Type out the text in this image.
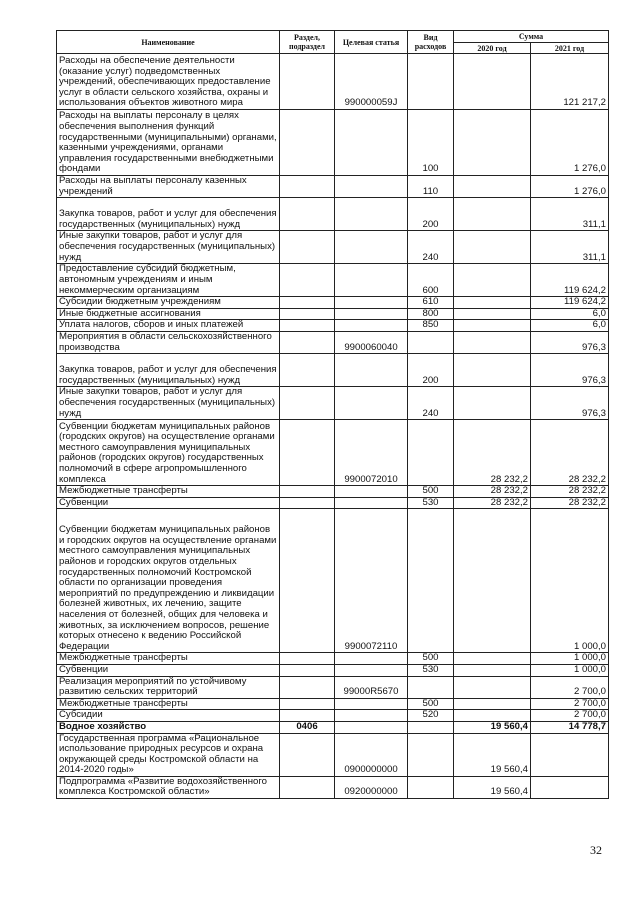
Наименование	Раздел, подраздел	Целевая статья	Вид расходов	Сумма	
				2020 год	2021 год
Расходы на обеспечение деятельности (оказание услуг) подведомственных учреждений, обеспечивающих предоставление услуг в области сельского хозяйства, охраны и использования объектов животного мира		990000059J			121 217,2
Расходы на выплаты персоналу в целях обеспечения выполнения функций государственными (муниципальными) органами, казенными учреждениями, органами управления государственными внебюджетными фондами			100		1 276,0
Расходы на выплаты персоналу казенных учреждений			110		1 276,0
Закупка товаров, работ и услуг для обеспечения государственных (муниципальных) нужд			200		311,1
Иные закупки товаров, работ и услуг для обеспечения государственных (муниципальных) нужд			240		311,1
Предоставление субсидий бюджетным, автономным учреждениям и иным некоммерческим организациям			600		119 624,2
Субсидии бюджетным учреждениям			610		119 624,2
Иные бюджетные ассигнования			800		6,0
Уплата налогов, сборов и иных платежей			850		6,0
Мероприятия в области сельскохозяйственного производства		9900060040			976,3
Закупка товаров, работ и услуг для обеспечения государственных (муниципальных) нужд			200		976,3
Иные закупки товаров, работ и услуг для обеспечения государственных (муниципальных) нужд			240		976,3
Субвенции бюджетам муниципальных районов (городских округов) на осуществление органами местного самоуправления муниципальных районов (городских округов) государственных полномочий в сфере агропромышленного комплекса		9900072010		28 232,2	28 232,2
Межбюджетные трансферты			500	28 232,2	28 232,2
Субвенции			530	28 232,2	28 232,2
Субвенции бюджетам муниципальных районов и городских округов на осуществление органами местного самоуправления муниципальных районов и городских округов отдельных государственных полномочий Костромской области по организации проведения мероприятий по предупреждению и ликвидации болезней животных, их лечению, защите населения от болезней, общих для человека и животных, за исключением вопросов, решение которых отнесено к ведению Российской Федерации		9900072110			1 000,0
Межбюджетные трансферты			500		1 000,0
Субвенции			530		1 000,0
Реализация мероприятий по устойчивому развитию сельских территорий		99000R5670			2 700,0
Межбюджетные трансферты			500		2 700,0
Субсидии			520		2 700,0
Водное хозяйство	0406			19 560,4	14 778,7
Государственная программа «Рациональное использование природных ресурсов и охрана окружающей среды Костромской области на 2014-2020 годы»		0900000000		19 560,4	
Подпрограмма «Развитие водохозяйственного комплекса Костромской области»		0920000000		19 560,4	
32
